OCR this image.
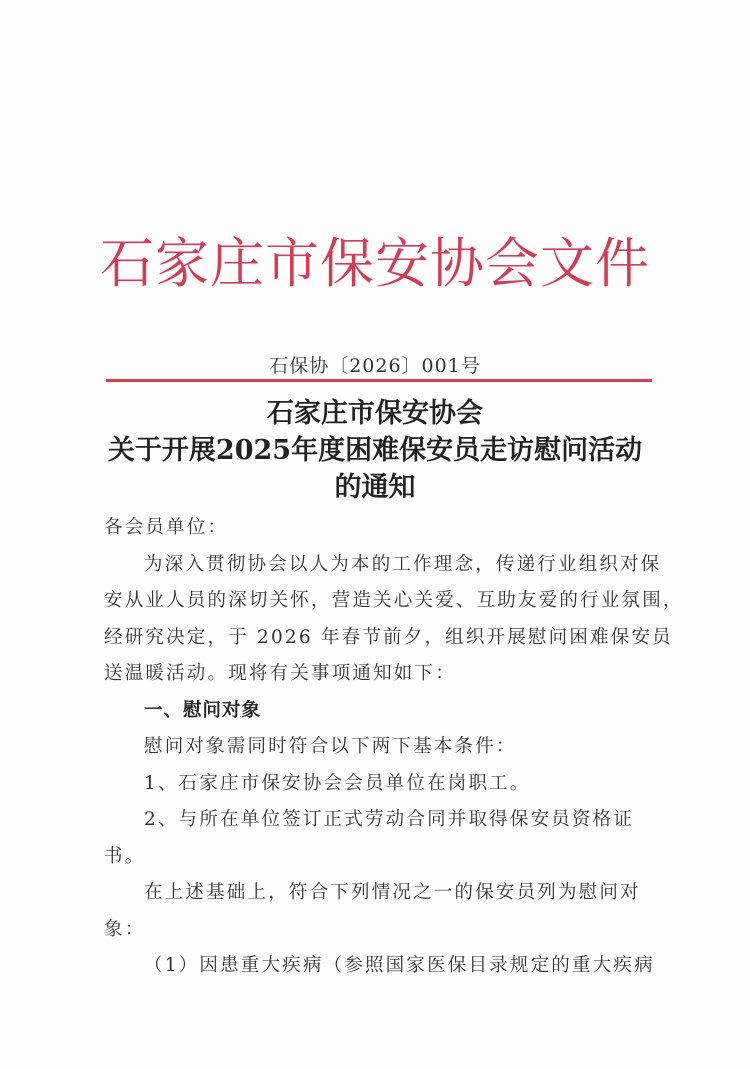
石家庄市保安协会文件
石保协〔2026〕001号
石家庄市保安协会
关于开展2025年度困难保安员走访慰问活动
的通知
各会员单位：
为深入贯彻协会以人为本的工作理念，传递行业组织对保
安从业人员的深切关怀，营造关心关爱、互助友爱的行业氛围，
经研究决定，于 2026 年春节前夕，组织开展慰问困难保安员
送温暖活动。现将有关事项通知如下：
一、慰问对象
慰问对象需同时符合以下两下基本条件：
1、石家庄市保安协会会员单位在岗职工。
2、与所在单位签订正式劳动合同并取得保安员资格证
书。
在上述基础上，符合下列情况之一的保安员列为慰问对
象：
（1）因患重大疾病（参照国家医保目录规定的重大疾病
